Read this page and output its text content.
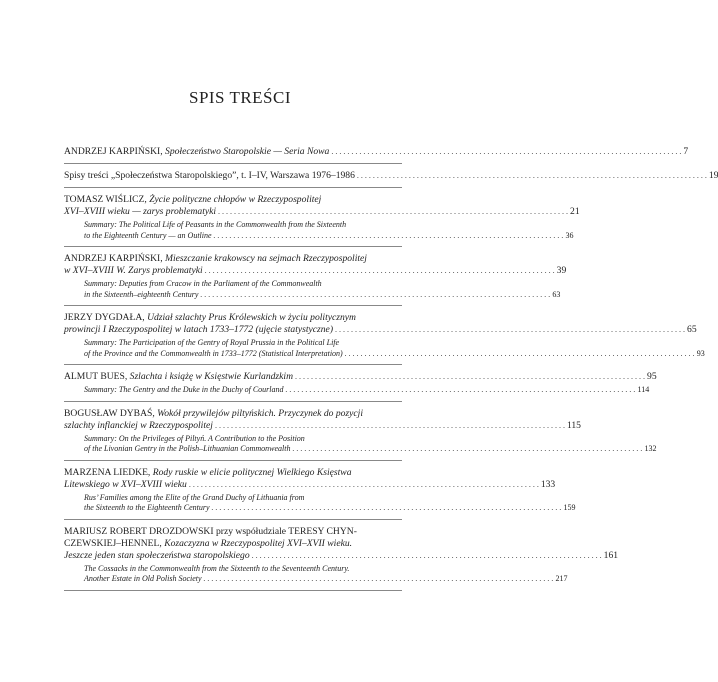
SPIS TREŚCI
ANDRZEJ KARPIŃSKI, Społeczeństwo Staropolskie — Seria Nowa . . .	7
Spisy treści „Społeczeństwa Staropolskiego”, t. I–IV, Warszawa 1976–1986 . . .	19
TOMASZ WIŚLICZ, Życie polityczne chłopów w Rzeczypospolitej
XVI–XVIII wieku — zarys problematyki . . .	21
Summary: The Political Life of Peasants in the Commonwealth from the Sixteenth
to the Eighteenth Century — an Outline . . .	36
ANDRZEJ KARPIŃSKI, Mieszczanie krakowscy na sejmach Rzeczypospolitej
w XVI–XVIII W. Zarys problematyki . . .	39
Summary: Deputies from Cracow in the Parliament of the Commonwealth
in the Sixteenth–eighteenth Century . . .	63
JERZY DYGDAŁA, Udział szlachty Prus Królewskich w życiu politycznym
prowincji I Rzeczypospolitej w latach 1733–1772 (ujęcie statystyczne) . . .	65
Summary: The Participation of the Gentry of Royal Prussia in the Political Life
of the Province and the Commonwealth in 1733–1772 (Statistical Interpretation) . . .	93
ALMUT BUES, Szlachta i książę w Księstwie Kurlandzkim . . .	95
Summary: The Gentry and the Duke in the Duchy of Courland . . .	114
BOGUSŁAW DYBAŚ, Wokół przywilejów piltyńskich. Przyczynek do pozycji
szlachty inflanckiej w Rzeczypospolitej . . .	115
Summary: On the Privileges of Piltyń. A Contribution to the Position
of the Livonian Gentry in the Polish–Lithuanian Commonwealth . . .	132
MARZENA LIEDKE, Rody ruskie w elicie politycznej Wielkiego Księstwa
Litewskiego w XVI–XVIII wieku . . .	133
Rus’ Families among the Elite of the Grand Duchy of Lithuania from
the Sixteenth to the Eighteenth Century . . .	159
MARIUSZ ROBERT DROZDOWSKI przy współudziale TERESY CHYN-
CZEWSKIEJ–HENNEL, Kozaczyzna w Rzeczypospolitej XVI–XVII wieku.
Jeszcze jeden stan społeczeństwa staropolskiego . . .	161
The Cossacks in the Commonwealth from the Sixteenth to the Seventeenth Century.
Another Estate in Old Polish Society . . .	217
